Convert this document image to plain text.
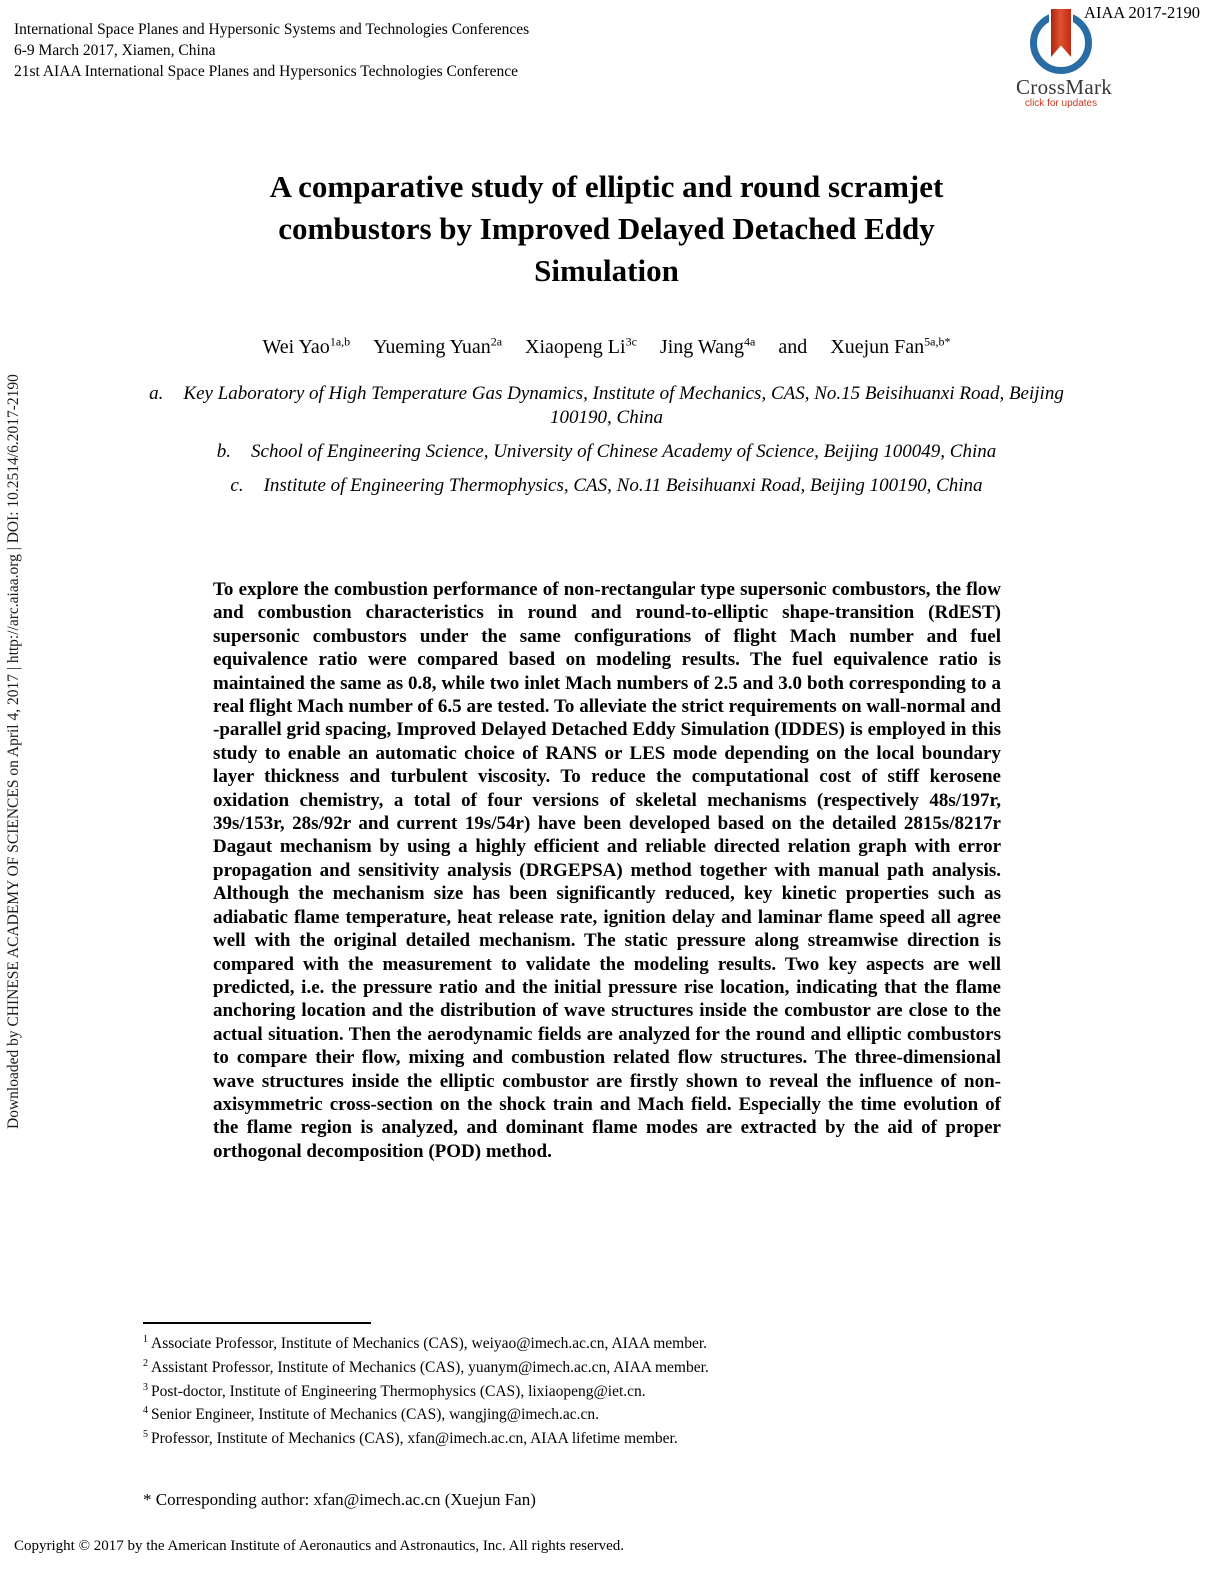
Downloaded by CHINESE ACADEMY OF SCIENCES on April 4, 2017 | http://arc.aiaa.org | DOI: 10.2514/6.2017-2190
International Space Planes and Hypersonic Systems and Technologies Conferences
6-9 March 2017, Xiamen, China
21st AIAA International Space Planes and Hypersonics Technologies Conference
AIAA 2017-2190
CrossMark
click for updates
A comparative study of elliptic and round scramjet
combustors by Improved Delayed Detached Eddy
Simulation
Wei Yao$^{1a,b}$ Yueming Yuan$^{2a}$ Xiaopeng $Li^{3c}$ Jing Wang$^{4a}$ and Xuejun Fan$^{5a,b*}$
a. Key Laboratory of High Temperature Gas Dynamics, Institute of Mechanics, CAS, No.15 Beisihuanxi Road, Beijing 100190, China
b. School of Engineering Science, University of Chinese Academy of Science, Beijing 100049, China
c. Institute of Engineering Thermophysics, CAS, No.11 Beisihuanxi Road, Beijing 100190, China
To explore the combustion performance of non-rectangular type supersonic combustors, the flow and combustion characteristics in round and round-to-elliptic shape-transition (RdEST) supersonic combustors under the same configurations of flight Mach number and fuel equivalence ratio were compared based on modeling results. The fuel equivalence ratio is maintained the same as 0.8, while two inlet Mach numbers of 2.5 and 3.0 both corresponding to a real flight Mach number of 6.5 are tested. To alleviate the strict requirements on wall-normal and -parallel grid spacing, Improved Delayed Detached Eddy Simulation (IDDES) is employed in this study to enable an automatic choice of RANS or LES mode depending on the local boundary layer thickness and turbulent viscosity. To reduce the computational cost of stiff kerosene oxidation chemistry, a total of four versions of skeletal mechanisms (respectively 48s/197r, 39s/153r, 28s/92r and current 19s/54r) have been developed based on the detailed 2815s/8217r Dagaut mechanism by using a highly efficient and reliable directed relation graph with error propagation and sensitivity analysis (DRGEPSA) method together with manual path analysis. Although the mechanism size has been significantly reduced, key kinetic properties such as adiabatic flame temperature, heat release rate, ignition delay and laminar flame speed all agree well with the original detailed mechanism. The static pressure along streamwise direction is compared with the measurement to validate the modeling results. Two key aspects are well predicted, i.e. the pressure ratio and the initial pressure rise location, indicating that the flame anchoring location and the distribution of wave structures inside the combustor are close to the actual situation. Then the aerodynamic fields are analyzed for the round and elliptic combustors to compare their flow, mixing and combustion related flow structures. The three-dimensional wave structures inside the elliptic combustor are firstly shown to reveal the influence of non-axisymmetric cross-section on the shock train and Mach field. Especially the time evolution of the flame region is analyzed, and dominant flame modes are extracted by the aid of proper orthogonal decomposition (POD) method.
$^1$ Associate Professor, Institute of Mechanics (CAS), weiyao@imech.ac.cn, AIAA member.
$^2$ Assistant Professor, Institute of Mechanics (CAS), yuanym@imech.ac.cn, AIAA member.
$^3$ Post-doctor, Institute of Engineering Thermophysics (CAS), lixiaopeng@iet.cn.
$^4$ Senior Engineer, Institute of Mechanics (CAS), wangjing@imech.ac.cn.
$^5$ Professor, Institute of Mechanics (CAS), xfan@imech.ac.cn, AIAA lifetime member.
* Corresponding author: xfan@imech.ac.cn (Xuejun Fan)
Copyright © 2017 by the American Institute of Aeronautics and Astronautics, Inc. All rights reserved.
